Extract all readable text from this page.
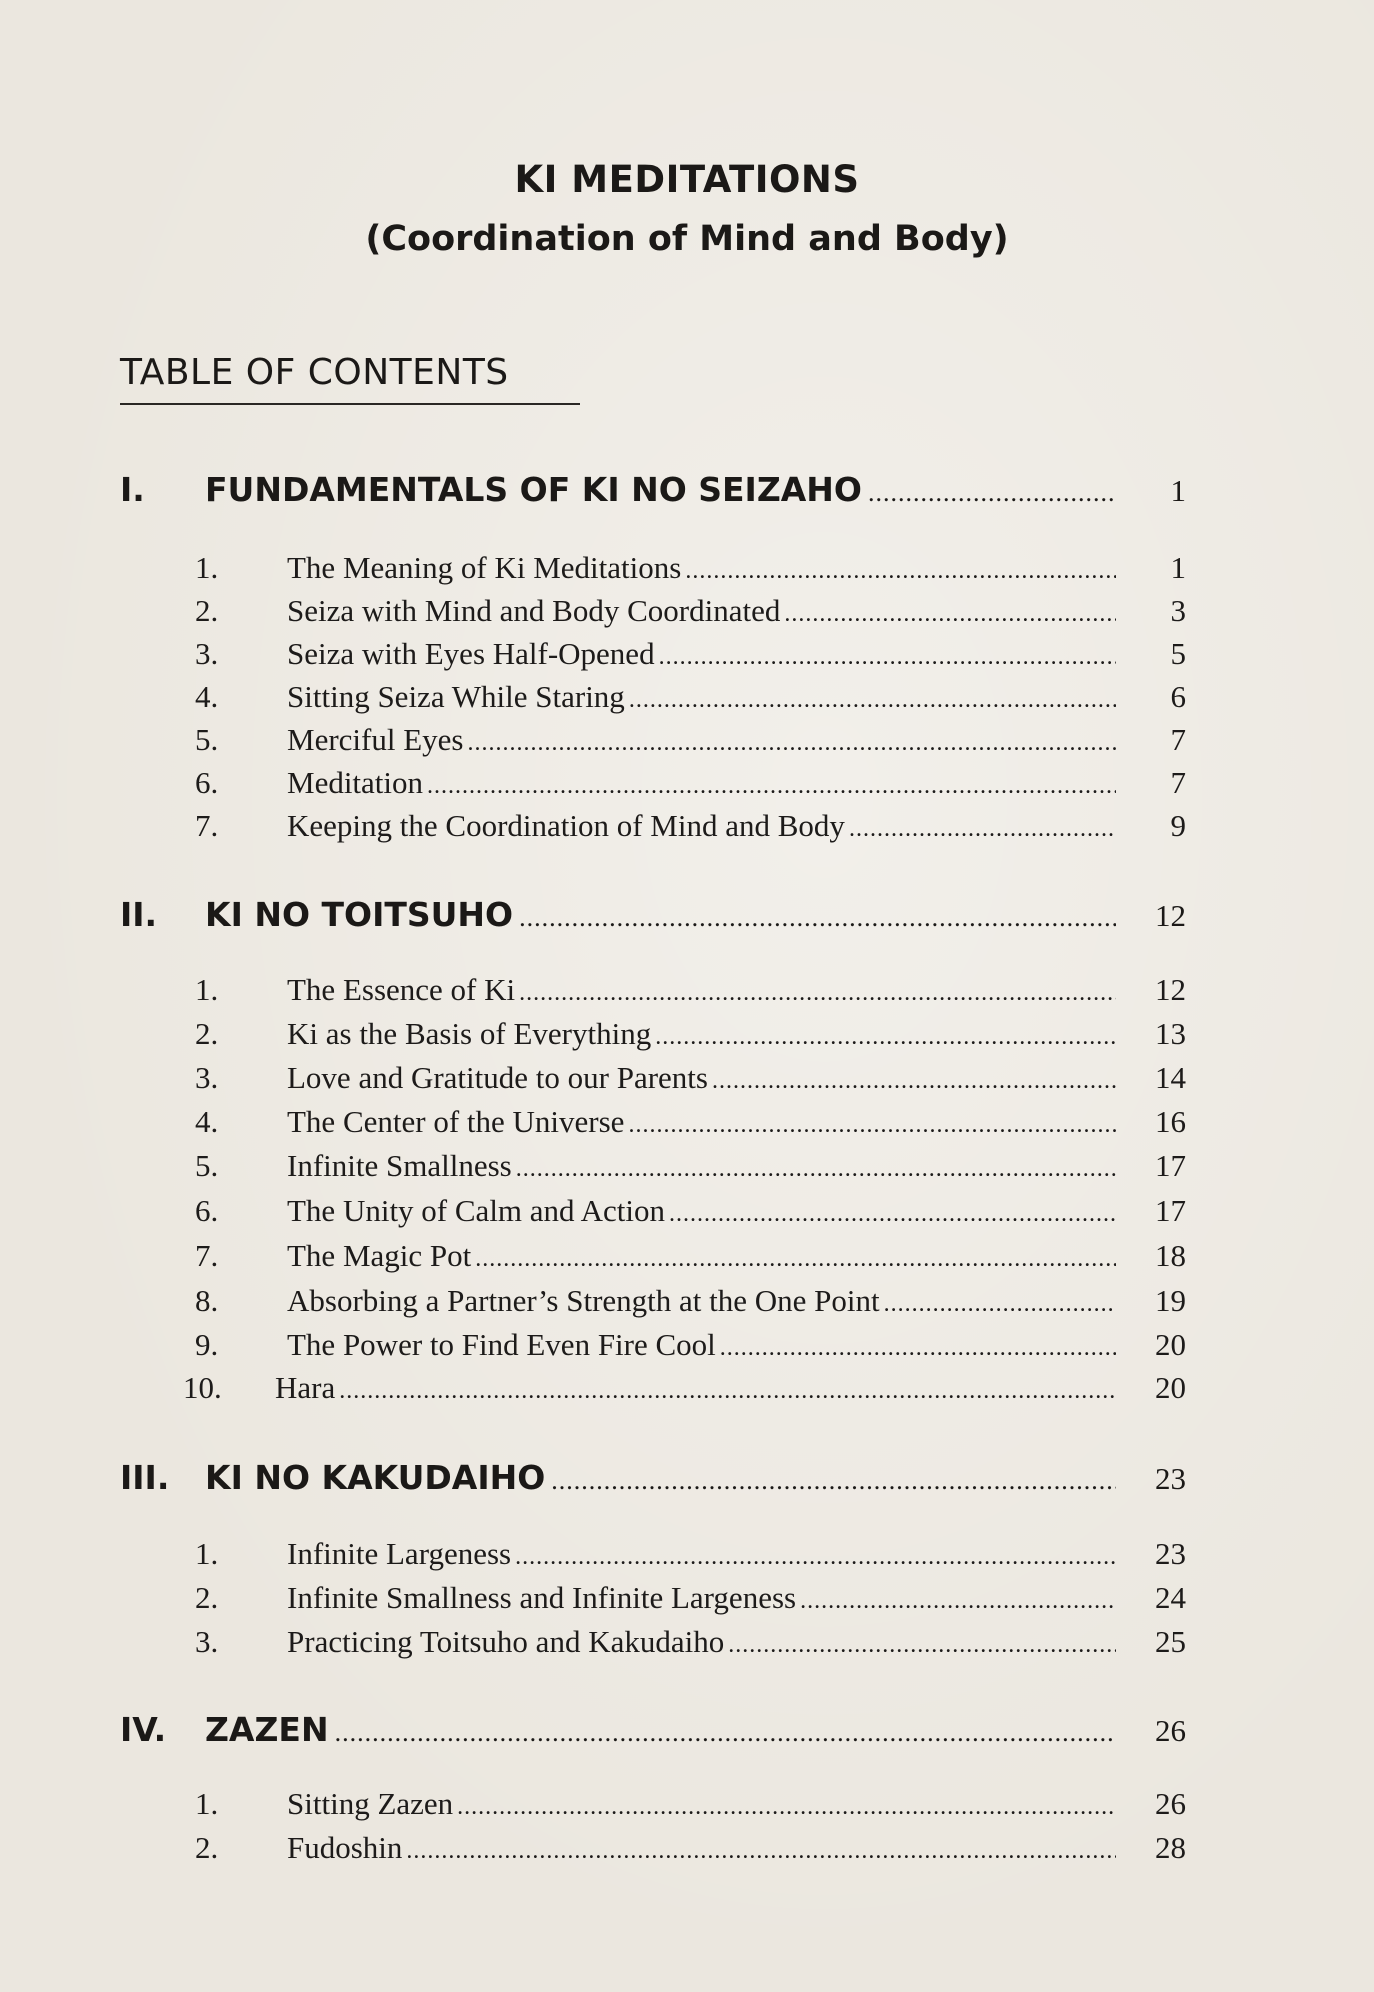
KI MEDITATIONS
(Coordination of Mind and Body)
TABLE OF CONTENTS
I.	FUNDAMENTALS OF KI NO SEIZAHO .....	1
1.	The Meaning of Ki Meditations .....	1
2.	Seiza with Mind and Body Coordinated .....	3
3.	Seiza with Eyes Half-Opened .....	5
4.	Sitting Seiza While Staring .....	6
5.	Merciful Eyes .....	7
6.	Meditation .....	7
7.	Keeping the Coordination of Mind and Body .....	9
II.	KI NO TOITSUHO .....	12
1.	The Essence of Ki .....	12
2.	Ki as the Basis of Everything .....	13
3.	Love and Gratitude to our Parents .....	14
4.	The Center of the Universe .....	16
5.	Infinite Smallness .....	17
6.	The Unity of Calm and Action .....	17
7.	The Magic Pot .....	18
8.	Absorbing a Partner’s Strength at the One Point .....	19
9.	The Power to Find Even Fire Cool .....	20
10.	Hara .....	20
III.	KI NO KAKUDAIHO .....	23
1.	Infinite Largeness .....	23
2.	Infinite Smallness and Infinite Largeness .....	24
3.	Practicing Toitsuho and Kakudaiho .....	25
IV.	ZAZEN .....	26
1.	Sitting Zazen .....	26
2.	Fudoshin .....	28
